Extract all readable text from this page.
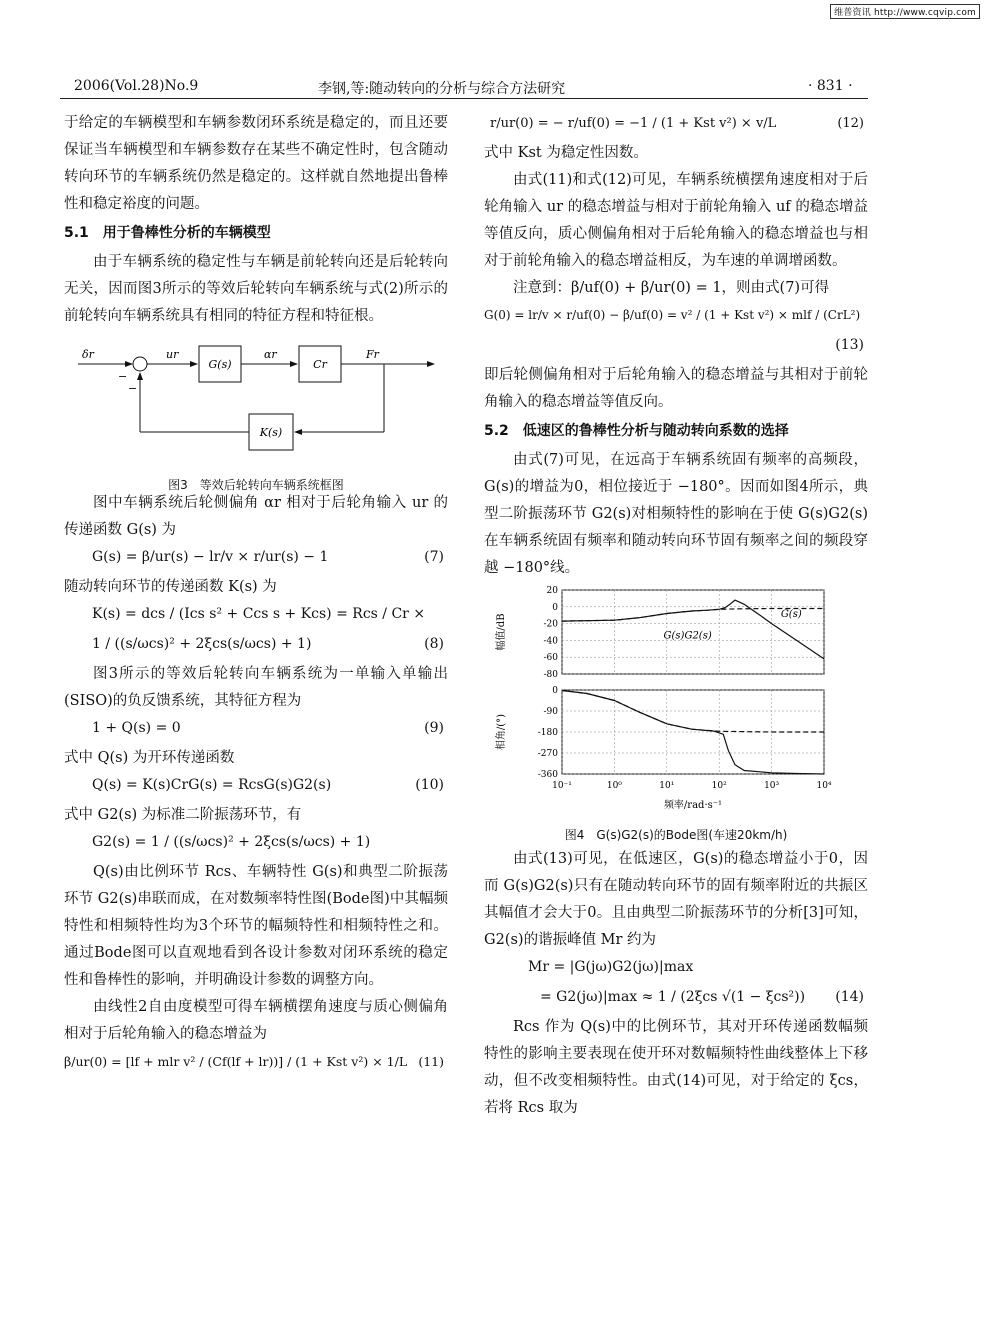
维普资讯 http://www.cqvip.com
2006(Vol.28)No.9	李钢,等:随动转向的分析与综合方法研究	· 831 ·

于给定的车辆模型和车辆参数闭环系统是稳定的，而且还要保证当车辆模型和车辆参数存在某些不确定性时，包含随动转向环节的车辆系统仍然是稳定的。这样就自然地提出鲁棒性和稳定裕度的问题。

5.1　用于鲁棒性分析的车辆模型

由于车辆系统的稳定性与车辆是前轮转向还是后轮转向无关，因而图3所示的等效后轮转向车辆系统与式(2)所示的前轮转向车辆系统具有相同的特征方程和特征根。

δr
−
−
ur
G(s)
αr
Cr
Fr
K(s)
图3　等效后轮转向车辆系统框图

图中车辆系统后轮侧偏角 αr 相对于后轮角输入 ur 的传递函数 G(s) 为

G(s) = β/ur(s) − lr/v × r/ur(s) − 1	(7)

随动转向环节的传递函数 K(s) 为

K(s) = dcs / (Ics s² + Ccs s + Kcs) = Rcs / Cr ×
1 / ((s/ωcs)² + 2ξcs(s/ωcs) + 1)	(8)

图3所示的等效后轮转向车辆系统为一单输入单输出(SISO)的负反馈系统，其特征方程为

1 + Q(s) = 0	(9)

式中 Q(s) 为开环传递函数

Q(s) = K(s)CrG(s) = RcsG(s)G2(s)	(10)

式中 G2(s) 为标准二阶振荡环节，有

G2(s) = 1 / ((s/ωcs)² + 2ξcs(s/ωcs) + 1)

Q(s)由比例环节 Rcs、车辆特性 G(s)和典型二阶振荡环节 G2(s)串联而成，在对数频率特性图(Bode图)中其幅频特性和相频特性均为3个环节的幅频特性和相频特性之和。通过Bode图可以直观地看到各设计参数对闭环系统的稳定性和鲁棒性的影响，并明确设计参数的调整方向。

由线性2自由度模型可得车辆横摆角速度与质心侧偏角相对于后轮角输入的稳态增益为

β/ur(0) = [lf + mlr v² / (Cf(lf + lr))] / (1 + Kst v²) × 1/L (11)
r/ur(0) = − r/uf(0) = −1 / (1 + Kst v²) × v/L	(12)

式中 Kst 为稳定性因数。

由式(11)和式(12)可见，车辆系统横摆角速度相对于后轮角输入 ur 的稳态增益与相对于前轮角输入 uf 的稳态增益等值反向，质心侧偏角相对于后轮角输入的稳态增益也与相对于前轮角输入的稳态增益相反，为车速的单调增函数。

注意到：β/uf(0) + β/ur(0) = 1，则由式(7)可得

G(0) = lr/v × r/uf(0) − β/uf(0) = v² / (1 + Kst v²) × mlf / (CrL²)
(13)

即后轮侧偏角相对于后轮角输入的稳态增益与其相对于前轮角输入的稳态增益等值反向。

5.2　低速区的鲁棒性分析与随动转向系数的选择

由式(7)可见，在远高于车辆系统固有频率的高频段，G(s)的增益为0，相位接近于 −180°。因而如图4所示，典型二阶振荡环节 G2(s)对相频特性的影响在于使 G(s)G2(s)在车辆系统固有频率和随动转向环节固有频率之间的频段穿越 −180°线。

20
0
-20
-40
-60
-80
幅值/dB	G(s)G2(s)
G(s)
0
-90
-180
-270
-360
相角/(°)
10⁻¹	10⁰	10¹	10²	10³	10⁴
频率/rad·s⁻¹
图4　G(s)G2(s)的Bode图(车速20km/h)

由式(13)可见，在低速区，G(s)的稳态增益小于0，因而 G(s)G2(s)只有在随动转向环节的固有频率附近的共振区其幅值才会大于0。且由典型二阶振荡环节的分析[3]可知，G2(s)的谐振峰值 Mr 约为

Mr = |G(jω)G2(jω)|max
= G2(jω)|max ≈ 1 / (2ξcs √(1 − ξcs²)) (14)

Rcs 作为 Q(s)中的比例环节，其对开环传递函数幅频特性的影响主要表现在使开环对数幅频特性曲线整体上下移动，但不改变相频特性。由式(14)可见，对于给定的 ξcs，若将 Rcs 取为
